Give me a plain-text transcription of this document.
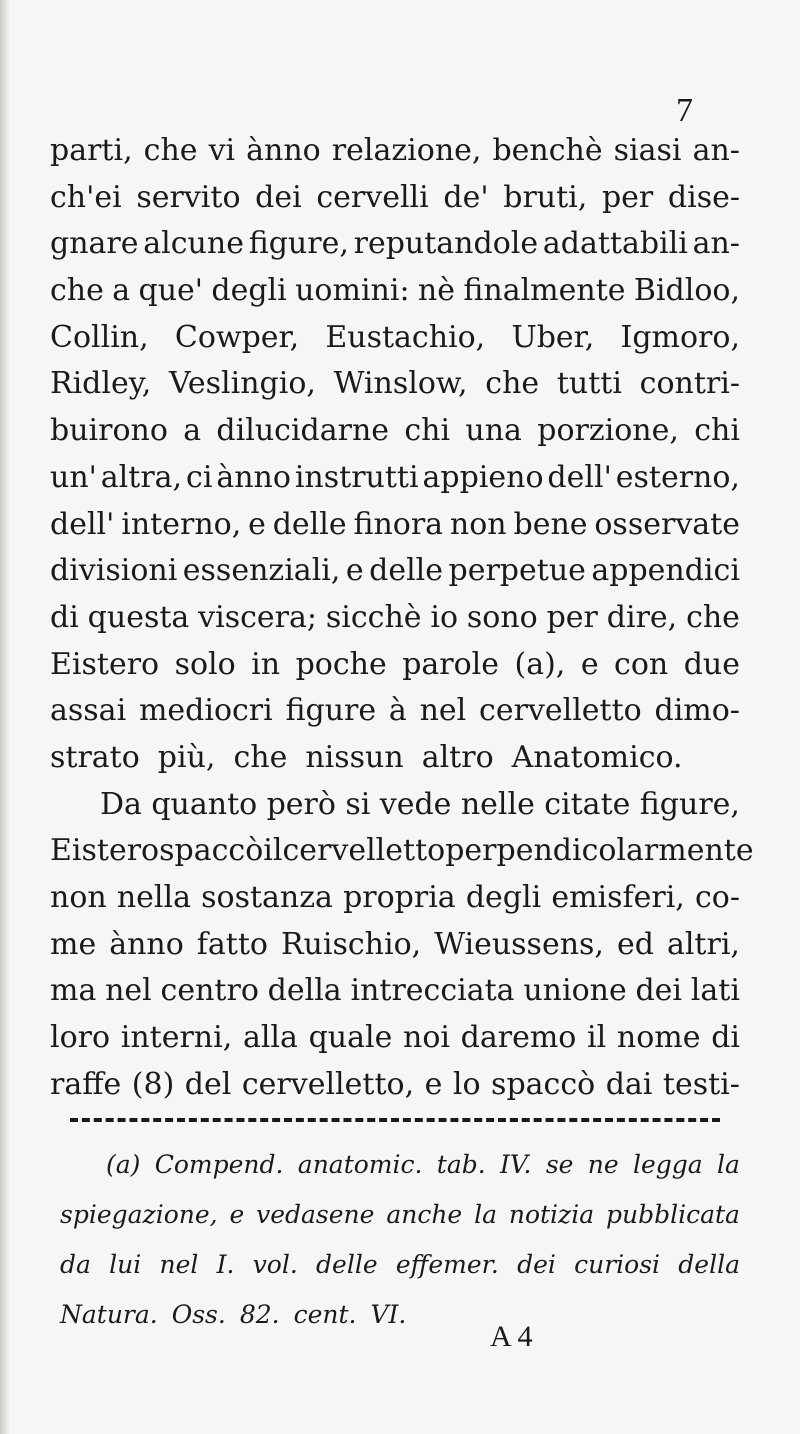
7
parti, che vi ànno relazione, benchè siasi an-
ch'ei servito dei cervelli de' bruti, per dise-
gnare alcune figure, reputandole adattabili an-
che a que' degli uomini: nè finalmente Bidloo,
Collin, Cowper, Eustachio, Uber, Igmoro,
Ridley, Veslingio, Winslow, che tutti contri-
buirono a dilucidarne chi una porzione, chi
un' altra, ci ànno instrutti appieno dell' esterno,
dell' interno, e delle finora non bene osservate
divisioni essenziali, e delle perpetue appendici
di questa viscera; sicchè io sono per dire, che
Eistero solo in poche parole (a), e con due
assai mediocri figure à nel cervelletto dimo-
strato più, che nissun altro Anatomico.
Da quanto però si vede nelle citate figure,
Eistero spaccò il cervelletto perpendicolarmente
non nella sostanza propria degli emisferi, co-
me ànno fatto Ruischio, Wieussens, ed altri,
ma nel centro della intrecciata unione dei lati
loro interni, alla quale noi daremo il nome di
raffe (8) del cervelletto, e lo spaccò dai testi-
(a) Compend. anatomic. tab. IV. se ne legga la
spiegazione, e vedasene anche la notizia pubblicata
da lui nel I. vol. delle effemer. dei curiosi della
Natura. Oss. 82. cent. VI.
A 4
